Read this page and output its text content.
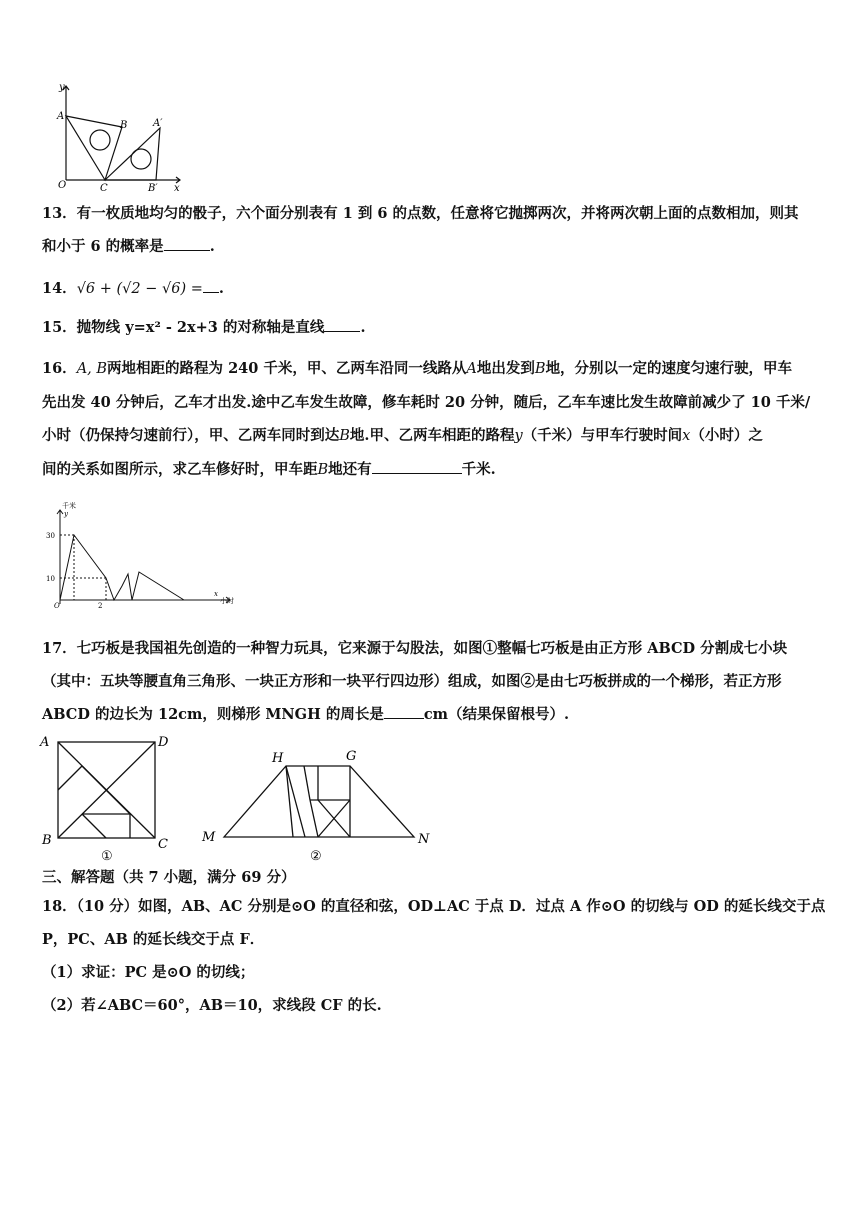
y
x
O
A
B
C
A′
B′
13．有一枚质地均匀的骰子，六个面分别表有 1 到 6 的点数，任意将它抛掷两次，并将两次朝上面的点数相加，则其
和小于 6 的概率是	.
14．√6 + (√2 − √6) = .
15．抛物线 y=x² - 2x+3 的对称轴是直线 .
16．A, B两地相距的路程为 240 千米，甲、乙两车沿同一线路从A地出发到B地，分别以一定的速度匀速行驶，甲车
先出发 40 分钟后，乙车才出发.途中乙车发生故障，修车耗时 20 分钟，随后，乙车车速比发生故障前减少了 10 千米/
小时（仍保持匀速前行），甲、乙两车同时到达B地.甲、乙两车相距的路程y（千米）与甲车行驶时间x（小时）之
间的关系如图所示，求乙车修好时，甲车距B地还有	千米.
千米
y
30
10
O	2
x
小时
17．七巧板是我国祖先创造的一种智力玩具，它来源于勾股法，如图①整幅七巧板是由正方形 ABCD 分割成七小块
（其中：五块等腰直角三角形、一块正方形和一块平行四边形）组成，如图②是由七巧板拼成的一个梯形，若正方形
ABCD 的边长为 12cm，则梯形 MNGH 的周长是	cm（结果保留根号）.
A	D
B	C
①
H	G
M	N
②
三、解答题（共 7 小题，满分 69 分）
18．（10 分）如图，AB、AC 分别是⊙O 的直径和弦，OD⊥AC 于点 D．过点 A 作⊙O 的切线与 OD 的延长线交于点
P，PC、AB 的延长线交于点 F．
（1）求证：PC 是⊙O 的切线；
（2）若∠ABC＝60°，AB＝10，求线段 CF 的长.
